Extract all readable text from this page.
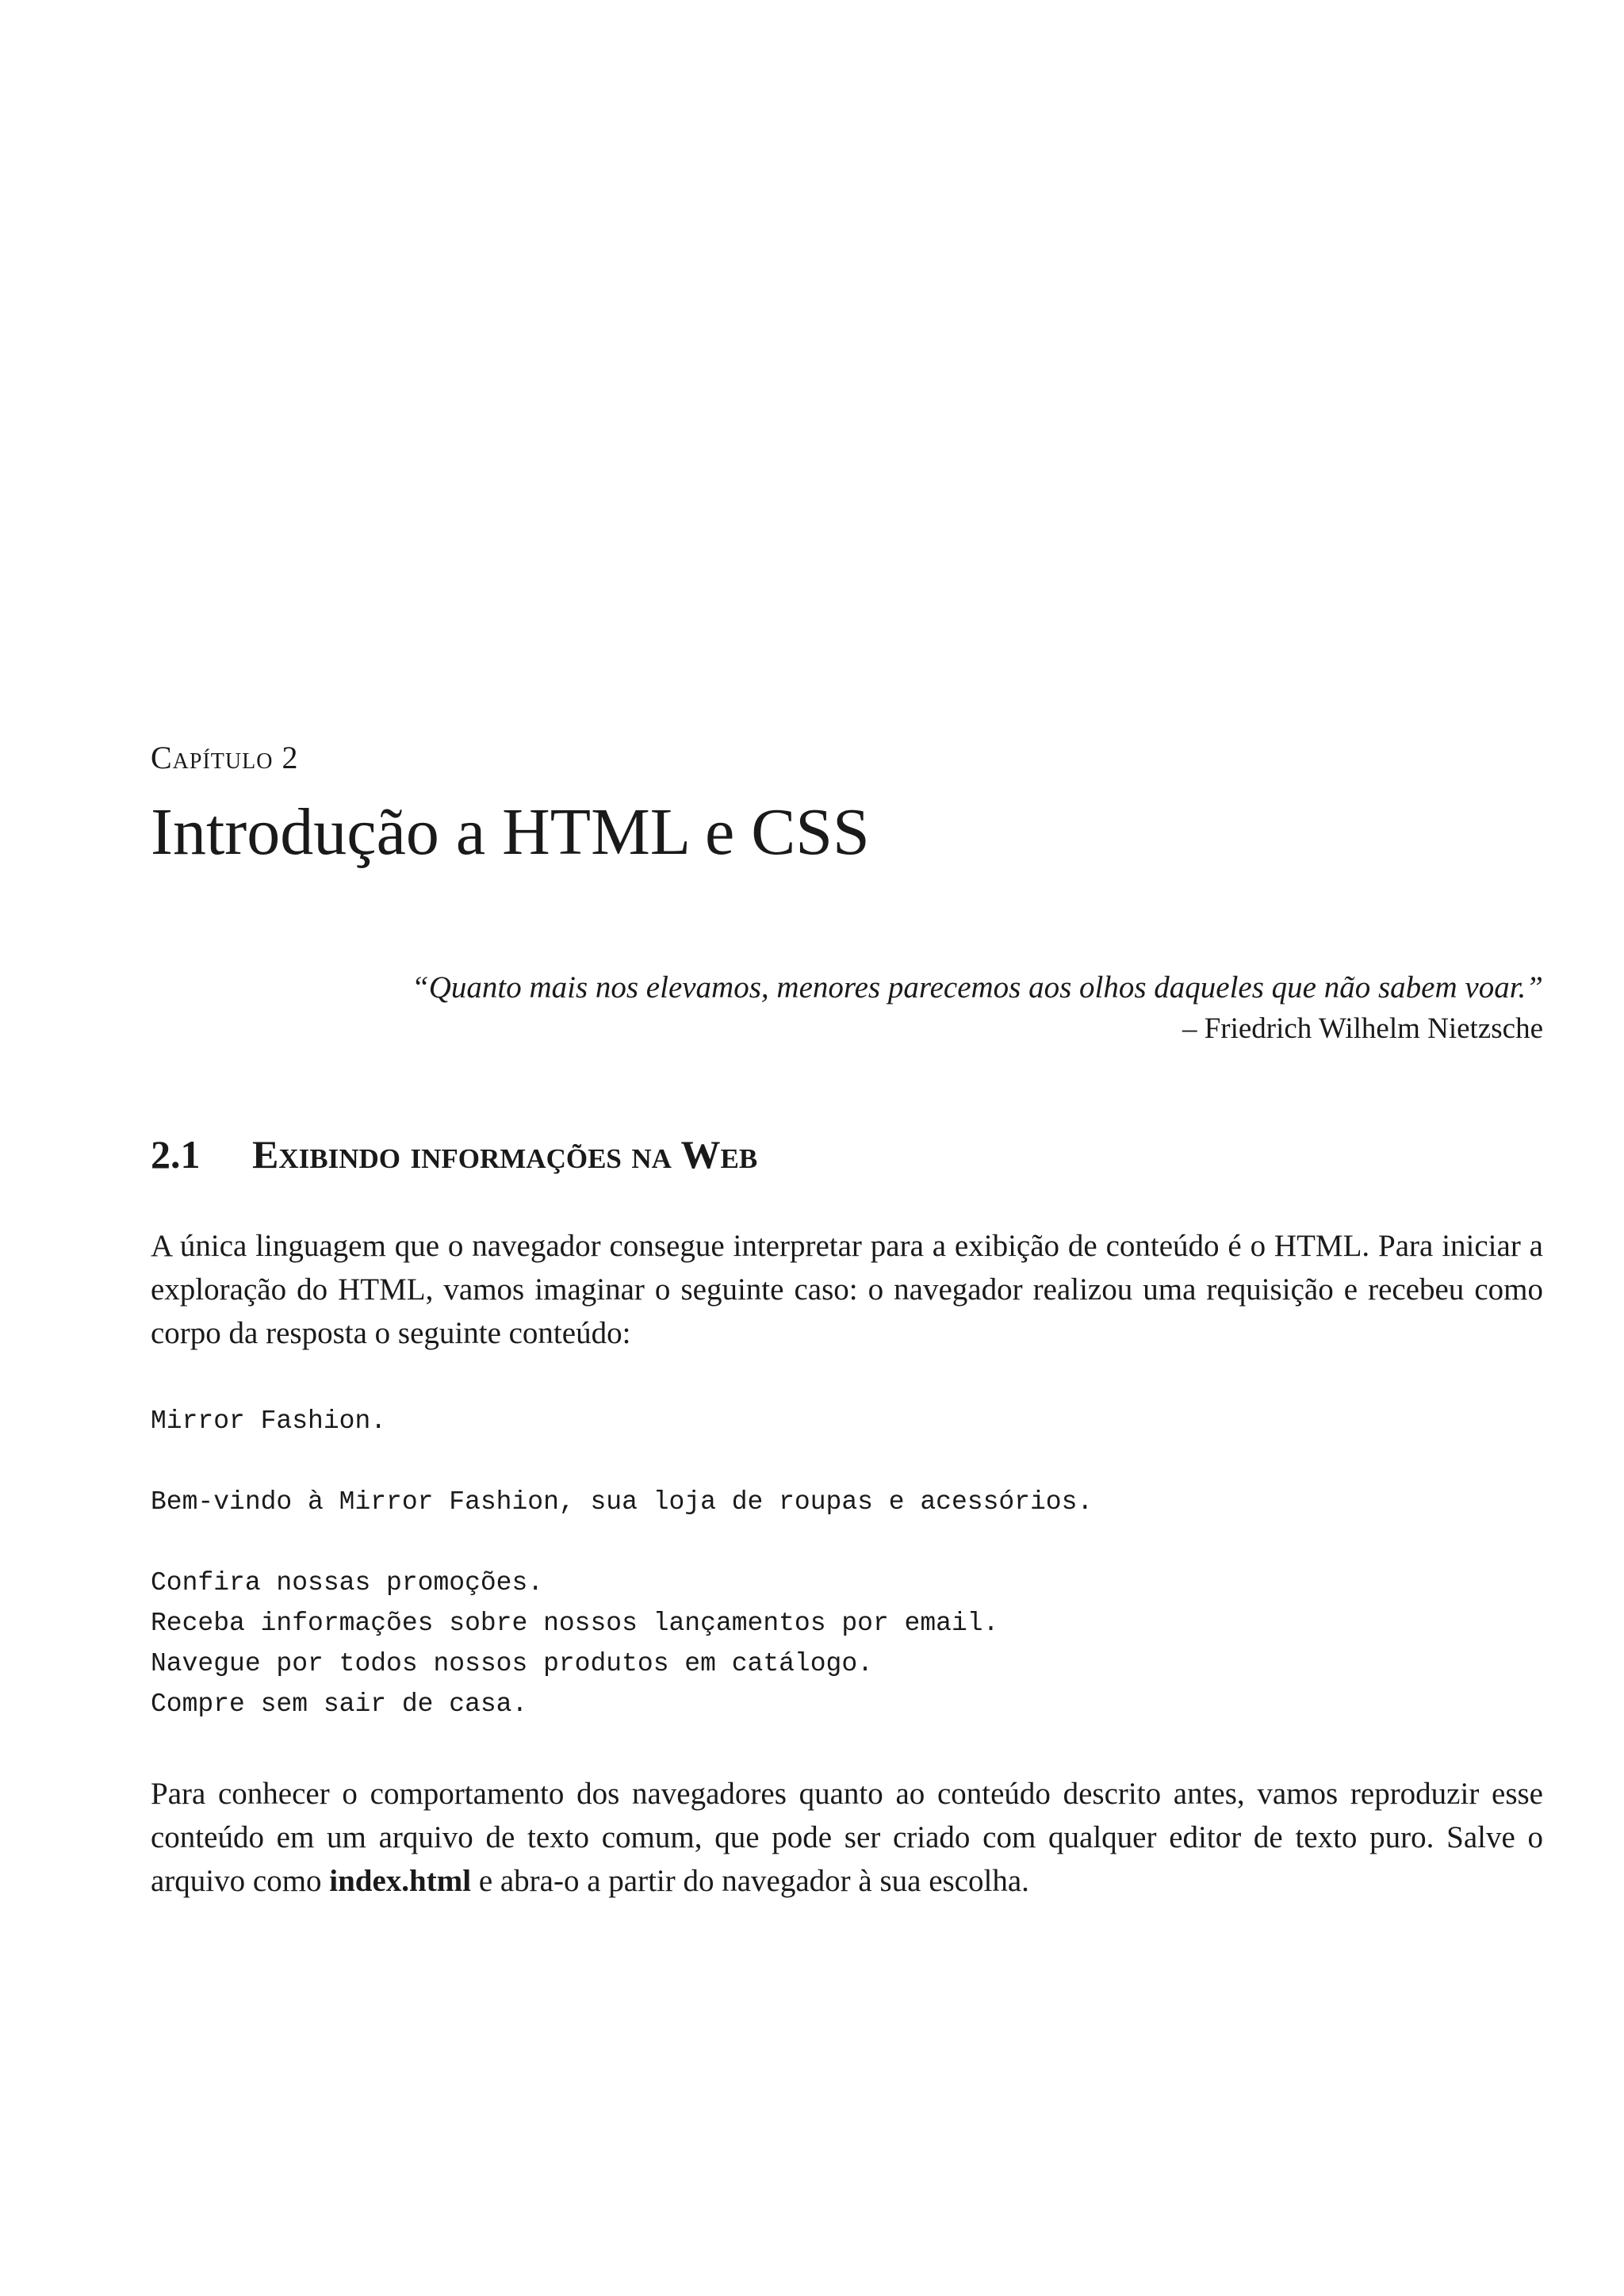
Capítulo 2

Introdução a HTML e CSS
“Quanto mais nos elevamos, menores parecemos aos olhos daqueles que não sabem voar.”
– Friedrich Wilhelm Nietzsche
2.1	Exibindo informações na Web

A única linguagem que o navegador consegue interpretar para a exibição de conteúdo é o HTML. Para iniciar a exploração do HTML, vamos imaginar o seguinte caso: o navegador realizou uma requisição e recebeu como corpo da resposta o seguinte conteúdo:

Mirror Fashion.

Bem-vindo à Mirror Fashion, sua loja de roupas e acessórios.

Confira nossas promoções.

Receba informações sobre nossos lançamentos por email.

Navegue por todos nossos produtos em catálogo.

Compre sem sair de casa.

Para conhecer o comportamento dos navegadores quanto ao conteúdo descrito antes, vamos reproduzir esse conteúdo em um arquivo de texto comum, que pode ser criado com qualquer editor de texto puro. Salve o arquivo como index.html e abra-o a partir do navegador à sua escolha.
